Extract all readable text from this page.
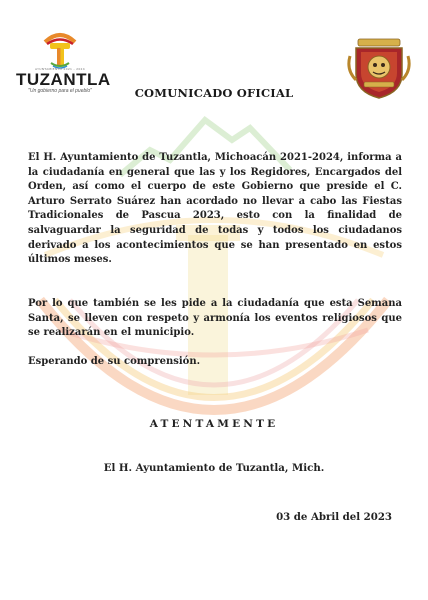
AYUNTAMIENTO 2021 - 2024
TUZANTLA
"Un gobierno para el pueblo"	COMUNICADO OFICIAL

El H. Ayuntamiento de Tuzantla, Michoacán 2021-2024, informa a la ciudadanía en general que las y los Regidores, Encargados del Orden, así como el cuerpo de este Gobierno que preside el C. Arturo Serrato Suárez han acordado no llevar a cabo las Fiestas Tradicionales de Pascua 2023, esto con la finalidad de salvaguardar la seguridad de todas y todos los ciudadanos derivado a los acontecimientos que se han presentado en estos últimos meses.

Por lo que también se les pide a la ciudadanía que esta Semana Santa, se lleven con respeto y armonía los eventos religiosos que se realizarán en el municipio.

Esperando de su comprensión.

ATENTAMENTE
El H. Ayuntamiento de Tuzantla, Mich.
03 de Abril del 2023
